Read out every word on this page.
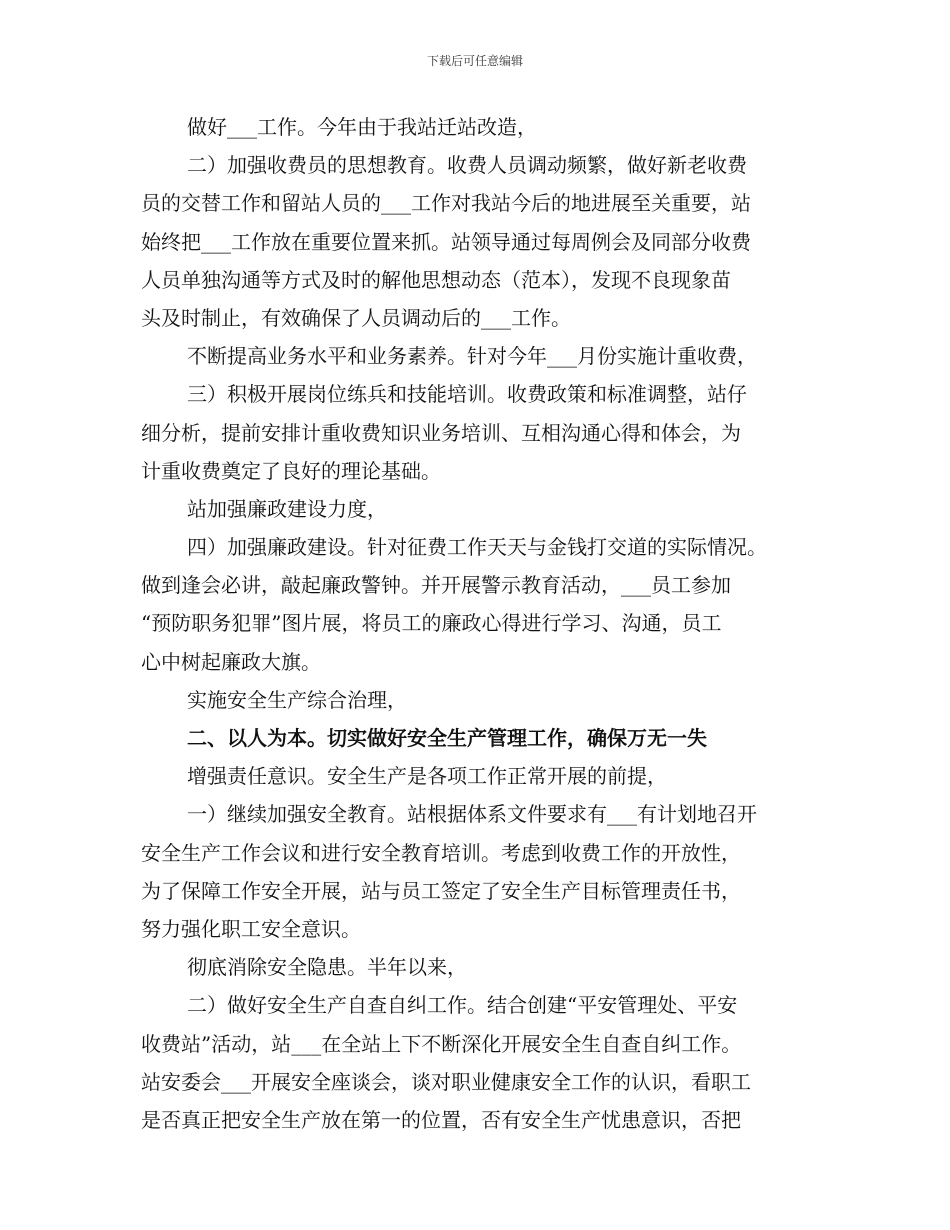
下载后可任意编辑
做好___工作。今年由于我站迁站改造，
二）加强收费员的思想教育。收费人员调动频繁，做好新老收费
员的交替工作和留站人员的___工作对我站今后的地进展至关重要，站
始终把___工作放在重要位置来抓。站领导通过每周例会及同部分收费
人员单独沟通等方式及时的解他思想动态（范本），发现不良现象苗
头及时制止，有效确保了人员调动后的___工作。
不断提高业务水平和业务素养。针对今年___月份实施计重收费，
三）积极开展岗位练兵和技能培训。收费政策和标准调整，站仔
细分析，提前安排计重收费知识业务培训、互相沟通心得和体会，为
计重收费奠定了良好的理论基础。
站加强廉政建设力度，
四）加强廉政建设。针对征费工作天天与金钱打交道的实际情况。
做到逢会必讲，敲起廉政警钟。并开展警示教育活动，___员工参加
“预防职务犯罪”图片展，将员工的廉政心得进行学习、沟通，员工
心中树起廉政大旗。
实施安全生产综合治理，
二、以人为本。切实做好安全生产管理工作，确保万无一失
增强责任意识。安全生产是各项工作正常开展的前提，
一）继续加强安全教育。站根据体系文件要求有___有计划地召开
安全生产工作会议和进行安全教育培训。考虑到收费工作的开放性，
为了保障工作安全开展，站与员工签定了安全生产目标管理责任书，
努力强化职工安全意识。
彻底消除安全隐患。半年以来，
二）做好安全生产自查自纠工作。结合创建“平安管理处、平安
收费站”活动，站___在全站上下不断深化开展安全生自查自纠工作。
站安委会___开展安全座谈会，谈对职业健康安全工作的认识，看职工
是否真正把安全生产放在第一的位置，否有安全生产忧患意识，否把
